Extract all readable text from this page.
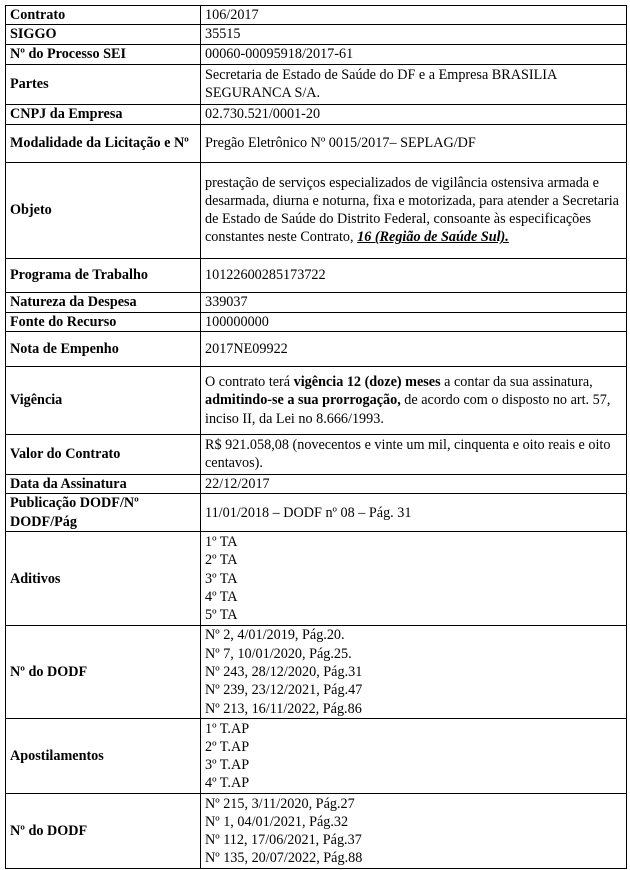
Contrato	106/2017
SIGGO	35515
Nº do Processo SEI	00060-00095918/2017-61
Partes	Secretaria de Estado de Saúde do DF e a Empresa BRASILIA SEGURANCA S/A.
CNPJ da Empresa	02.730.521/0001-20
Modalidade da Licitação e Nº	Pregão Eletrônico Nº 0015/2017– SEPLAG/DF
Objeto	prestação de serviços especializados de vigilância ostensiva armada e desarmada, diurna e noturna, fixa e motorizada, para atender a Secretaria de Estado de Saúde do Distrito Federal, consoante às especificações constantes neste Contrato, 16 (Região de Saúde Sul).
Programa de Trabalho	10122600285173722
Natureza da Despesa	339037
Fonte do Recurso	100000000
Nota de Empenho	2017NE09922
Vigência	O contrato terá vigência 12 (doze) meses a contar da sua assinatura, admitindo-se a sua prorrogação, de acordo com o disposto no art. 57, inciso II, da Lei no 8.666/1993.
Valor do Contrato	R$ 921.058,08 (novecentos e vinte um mil, cinquenta e oito reais e oito centavos).
Data da Assinatura	22/12/2017
Publicação DODF/Nº DODF/Pág	11/01/2018 – DODF nº 08 – Pág. 31
Aditivos	1º TA
2º TA
3º TA
4º TA
5º TA

Nº do DODF	Nº 2, 4/01/2019, Pág.20.
Nº 7, 10/01/2020, Pág.25.
Nº 243, 28/12/2020, Pág.31
Nº 239, 23/12/2021, Pág.47
Nº 213, 16/11/2022, Pág.86

Apostilamentos	1º T.AP
2º T.AP
3º T.AP
4º T.AP

Nº do DODF	Nº 215, 3/11/2020, Pág.27
Nº 1, 04/01/2021, Pág.32
Nº 112, 17/06/2021, Pág.37
Nº 135, 20/07/2022, Pág.88
